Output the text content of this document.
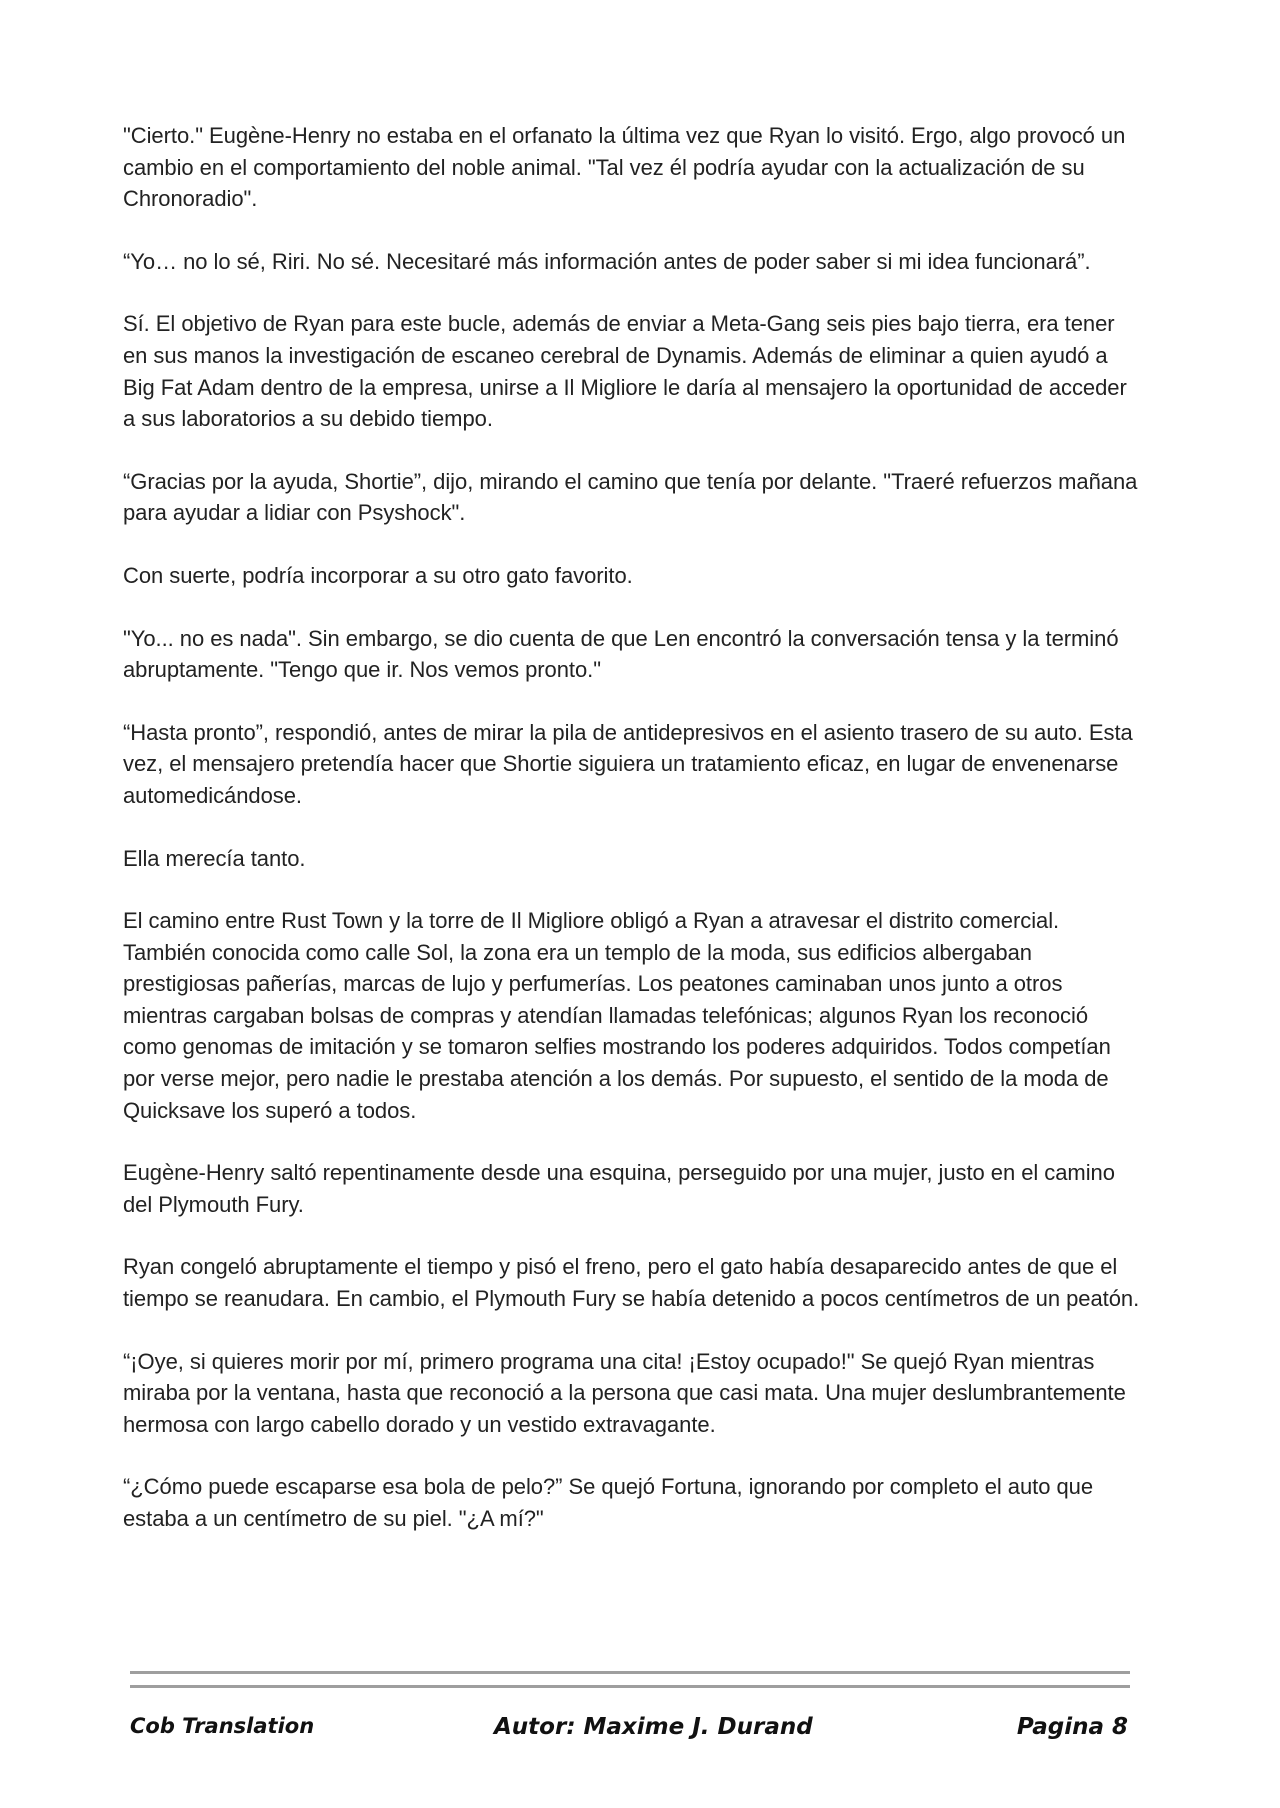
"Cierto." Eugène-Henry no estaba en el orfanato la última vez que Ryan lo visitó. Ergo, algo provocó un cambio en el comportamiento del noble animal. "Tal vez él podría ayudar con la actualización de su Chronoradio".

“Yo… no lo sé, Riri. No sé. Necesitaré más información antes de poder saber si mi idea funcionará”.

Sí. El objetivo de Ryan para este bucle, además de enviar a Meta-Gang seis pies bajo tierra, era tener en sus manos la investigación de escaneo cerebral de Dynamis. Además de eliminar a quien ayudó a Big Fat Adam dentro de la empresa, unirse a Il Migliore le daría al mensajero la oportunidad de acceder a sus laboratorios a su debido tiempo.

“Gracias por la ayuda, Shortie”, dijo, mirando el camino que tenía por delante. "Traeré refuerzos mañana para ayudar a lidiar con Psyshock".

Con suerte, podría incorporar a su otro gato favorito.

"Yo... no es nada". Sin embargo, se dio cuenta de que Len encontró la conversación tensa y la terminó abruptamente. "Tengo que ir. Nos vemos pronto."

“Hasta pronto”, respondió, antes de mirar la pila de antidepresivos en el asiento trasero de su auto. Esta vez, el mensajero pretendía hacer que Shortie siguiera un tratamiento eficaz, en lugar de envenenarse automedicándose.

Ella merecía tanto.

El camino entre Rust Town y la torre de Il Migliore obligó a Ryan a atravesar el distrito comercial. También conocida como calle Sol, la zona era un templo de la moda, sus edificios albergaban prestigiosas pañerías, marcas de lujo y perfumerías. Los peatones caminaban unos junto a otros mientras cargaban bolsas de compras y atendían llamadas telefónicas; algunos Ryan los reconoció como genomas de imitación y se tomaron selfies mostrando los poderes adquiridos. Todos competían por verse mejor, pero nadie le prestaba atención a los demás. Por supuesto, el sentido de la moda de Quicksave los superó a todos.

Eugène-Henry saltó repentinamente desde una esquina, perseguido por una mujer, justo en el camino del Plymouth Fury.

Ryan congeló abruptamente el tiempo y pisó el freno, pero el gato había desaparecido antes de que el tiempo se reanudara. En cambio, el Plymouth Fury se había detenido a pocos centímetros de un peatón.

“¡Oye, si quieres morir por mí, primero programa una cita! ¡Estoy ocupado!" Se quejó Ryan mientras miraba por la ventana, hasta que reconoció a la persona que casi mata. Una mujer deslumbrantemente hermosa con largo cabello dorado y un vestido extravagante.

“¿Cómo puede escaparse esa bola de pelo?” Se quejó Fortuna, ignorando por completo el auto que estaba a un centímetro de su piel. "¿A mí?"

Cob Translation	Autor: Maxime J. Durand	Pagina 8
